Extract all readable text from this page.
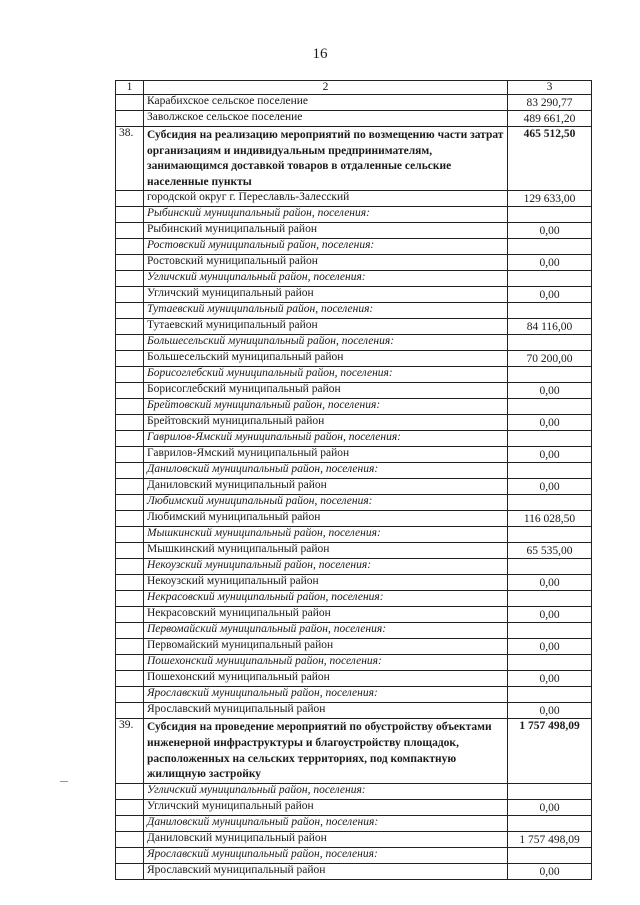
16
1	2	3
	Карабихское сельское поселение	83 290,77
	Заволжское сельское поселение	489 661,20
38.	Субсидия на реализацию мероприятий по возмещению части затрат организациям и индивидуальным предпринимателям, занимающимся доставкой товаров в отдаленные сельские населенные пункты	465 512,50
	городской округ г. Переславль-Залесский	129 633,00
	Рыбинский муниципальный район, поселения:	
	Рыбинский муниципальный район	0,00
	Ростовский муниципальный район, поселения:	
	Ростовский муниципальный район	0,00
	Угличский муниципальный район, поселения:	
	Угличский муниципальный район	0,00
	Тутаевский муниципальный район, поселения:	
	Тутаевский муниципальный район	84 116,00
	Большесельский муниципальный район, поселения:	
	Большесельский муниципальный район	70 200,00
	Борисоглебский муниципальный район, поселения:	
	Борисоглебский муниципальный район	0,00
	Брейтовский муниципальный район, поселения:	
	Брейтовский муниципальный район	0,00
	Гаврилов-Ямский муниципальный район, поселения:	
	Гаврилов-Ямский муниципальный район	0,00
	Даниловский муниципальный район, поселения:	
	Даниловский муниципальный район	0,00
	Любимский муниципальный район, поселения:	
	Любимский муниципальный район	116 028,50
	Мышкинский муниципальный район, поселения:	
	Мышкинский муниципальный район	65 535,00
	Некоузский муниципальный район, поселения:	
	Некоузский муниципальный район	0,00
	Некрасовский муниципальный район, поселения:	
	Некрасовский муниципальный район	0,00
	Первомайский муниципальный район, поселения:	
	Первомайский муниципальный район	0,00
	Пошехонский муниципальный район, поселения:	
	Пошехонский муниципальный район	0,00
	Ярославский муниципальный район, поселения:	
	Ярославский муниципальный район	0,00
39.	Субсидия на проведение мероприятий по обустройству объектами инженерной инфраструктуры и благоустройству площадок, расположенных на сельских территориях, под компактную жилищную застройку	1 757 498,09
	Угличский муниципальный район, поселения:	
	Угличский муниципальный район	0,00
	Даниловский муниципальный район, поселения:	
	Даниловский муниципальный район	1 757 498,09
	Ярославский муниципальный район, поселения:	
	Ярославский муниципальный район	0,00
